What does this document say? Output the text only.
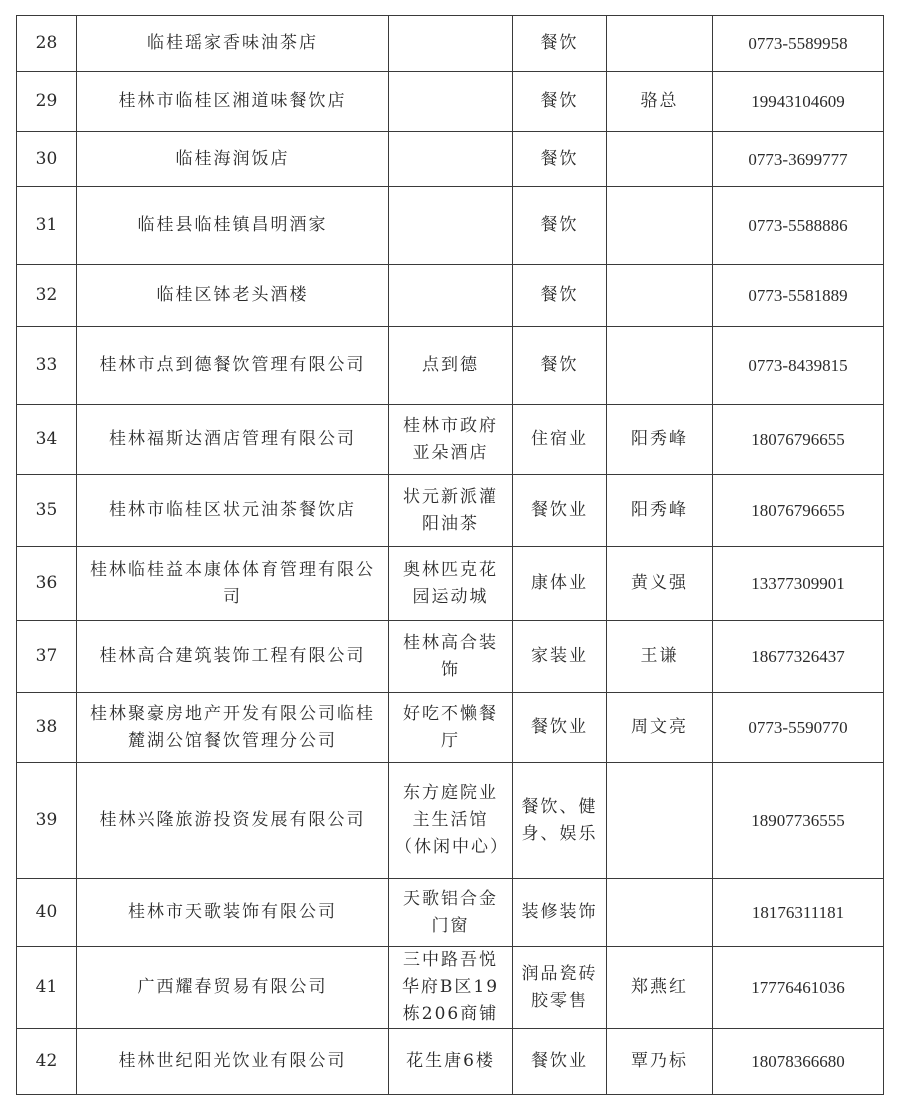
28	临桂瑶家香味油茶店		餐饮		0773-5589958
29	桂林市临桂区湘道味餐饮店		餐饮	骆总	19943104609
30	临桂海润饭店		餐饮		0773-3699777
31	临桂县临桂镇昌明酒家		餐饮		0773-5588886
32	临桂区钵老头酒楼		餐饮		0773-5581889
33	桂林市点到德餐饮管理有限公司	点到德	餐饮		0773-8439815
34	桂林福斯达酒店管理有限公司	桂林市政府亚朵酒店	住宿业	阳秀峰	18076796655
35	桂林市临桂区状元油茶餐饮店	状元新派灌阳油茶	餐饮业	阳秀峰	18076796655
36	桂林临桂益本康体体育管理有限公司	奥林匹克花园运动城	康体业	黄义强	13377309901
37	桂林高合建筑装饰工程有限公司	桂林高合装饰	家装业	王谦	18677326437
38	桂林聚豪房地产开发有限公司临桂麓湖公馆餐饮管理分公司	好吃不懒餐厅	餐饮业	周文亮	0773-5590770
39	桂林兴隆旅游投资发展有限公司	东方庭院业主生活馆（休闲中心）	餐饮、健身、娱乐		18907736555
40	桂林市天歌装饰有限公司	天歌铝合金门窗	装修装饰		18176311181
41	广西耀春贸易有限公司	三中路吾悦华府B区19栋206商铺	润品瓷砖胶零售	郑燕红	17776461036
42	桂林世纪阳光饮业有限公司	花生唐6楼	餐饮业	覃乃标	18078366680
